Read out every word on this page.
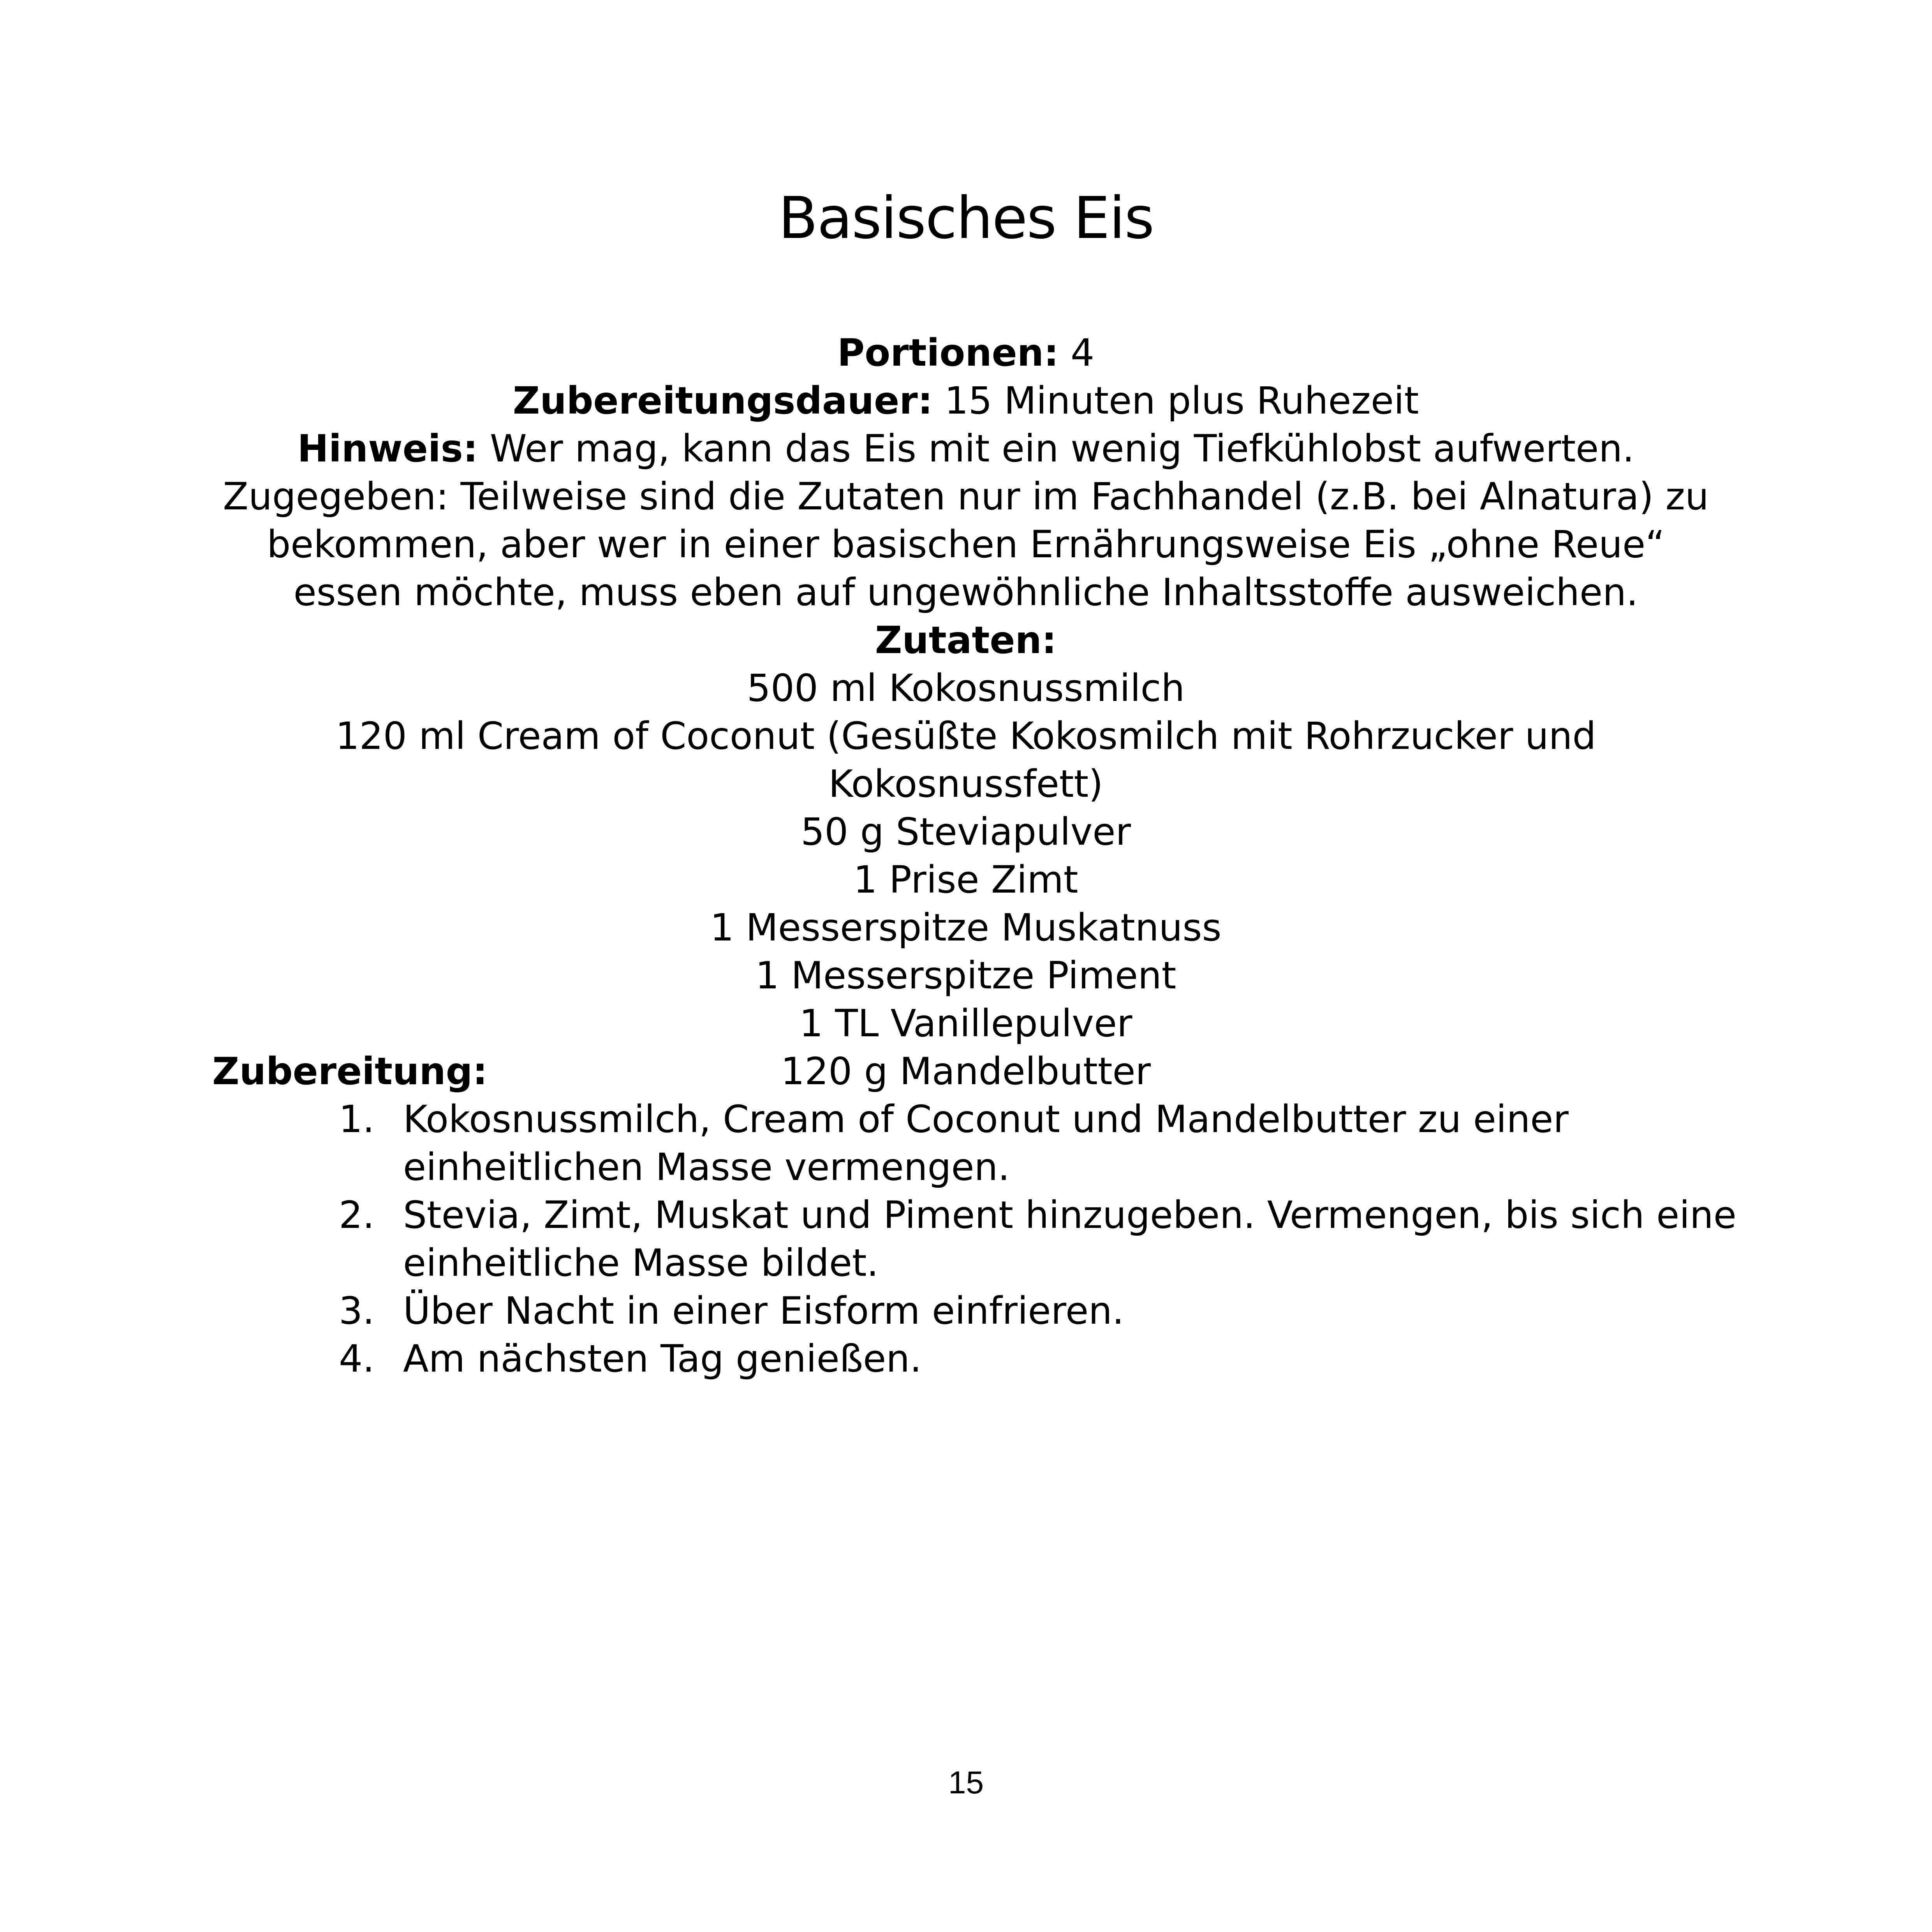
Basisches Eis

Portionen: 4

Zubereitungsdauer: 15 Minuten plus Ruhezeit

Hinweis: Wer mag, kann das Eis mit ein wenig Tiefkühlobst aufwerten. Zugegeben: Teilweise sind die Zutaten nur im Fachhandel (z.B. bei Alnatura) zu bekommen, aber wer in einer basischen Ernährungsweise Eis „ohne Reue“ essen möchte, muss eben auf ungewöhnliche Inhaltsstoffe ausweichen.

Zutaten:

500 ml Kokosnussmilch
120 ml Cream of Coconut (Gesüßte Kokosmilch mit Rohrzucker und Kokosnussfett)
50 g Steviapulver
1 Prise Zimt
1 Messerspitze Muskatnuss
1 Messerspitze Piment
1 TL Vanillepulver
120 g Mandelbutter

Zubereitung:

1. Kokosnussmilch, Cream of Coconut und Mandelbutter zu einer einheitlichen Masse vermengen.
2. Stevia, Zimt, Muskat und Piment hinzugeben. Vermengen, bis sich eine einheitliche Masse bildet.
3. Über Nacht in einer Eisform einfrieren.
4. Am nächsten Tag genießen.
15
